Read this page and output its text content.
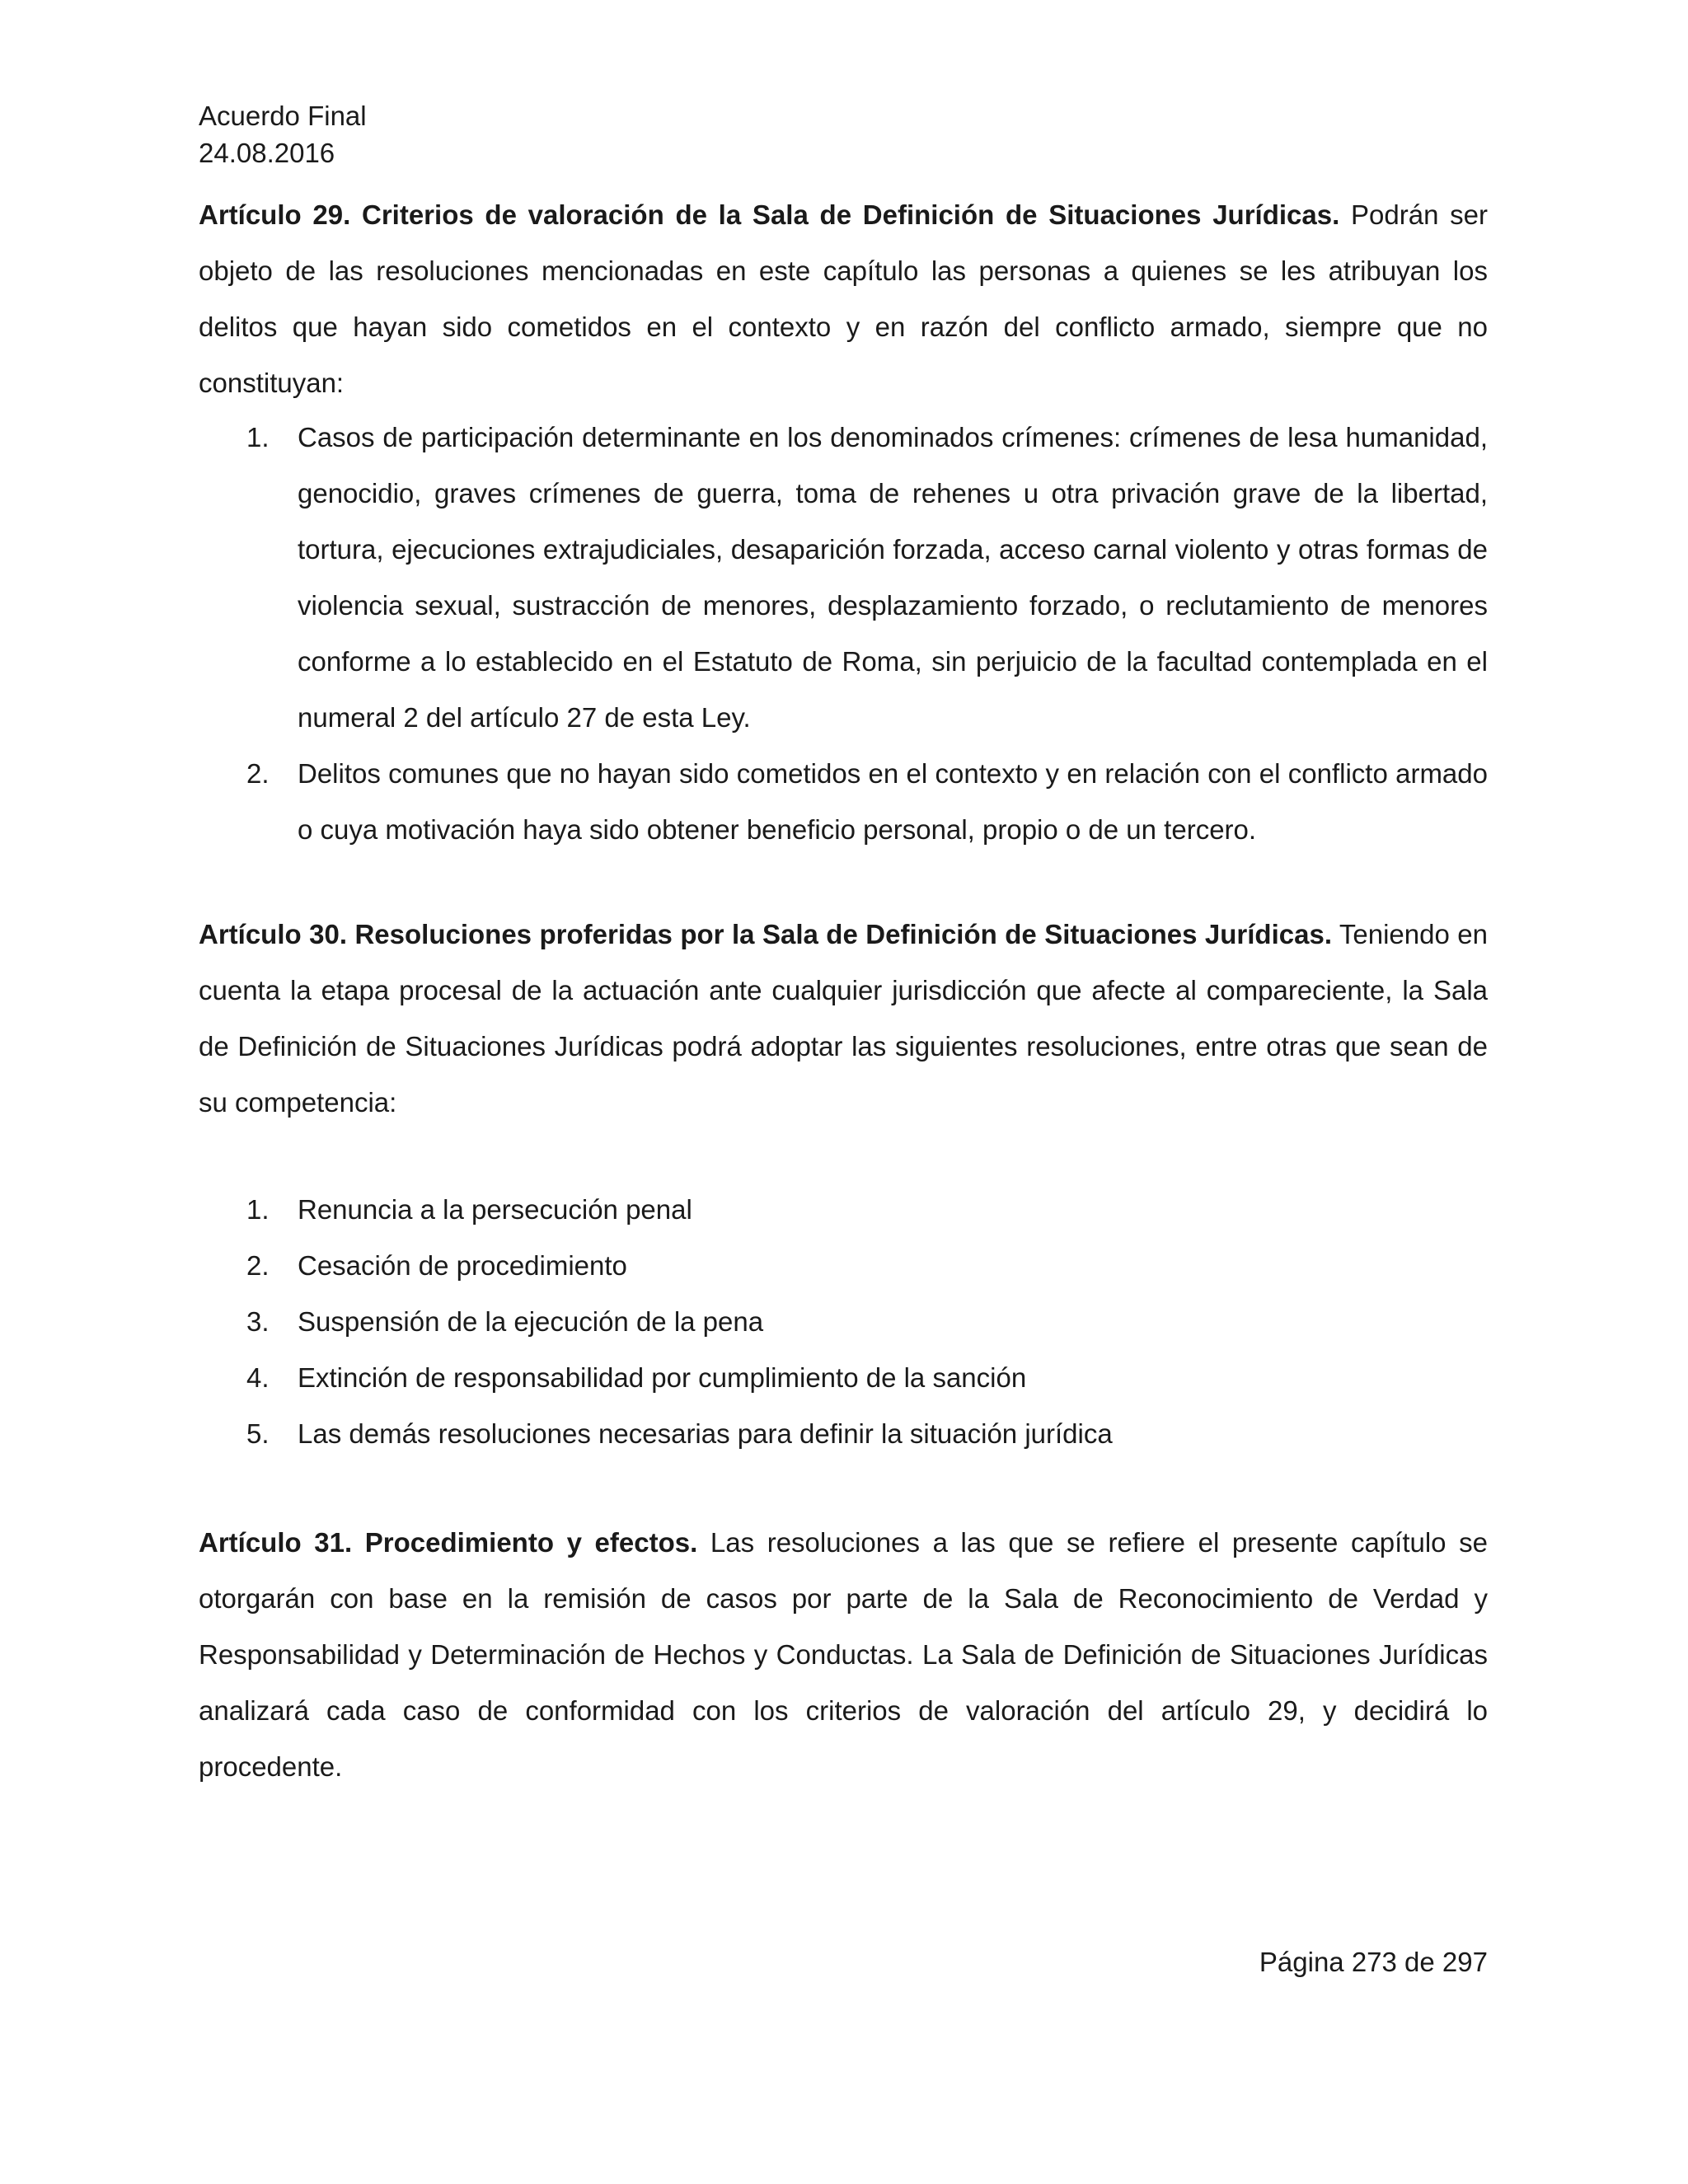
Acuerdo Final
24.08.2016
Artículo 29. Criterios de valoración de la Sala de Definición de Situaciones Jurídicas. Podrán ser objeto de las resoluciones mencionadas en este capítulo las personas a quienes se les atribuyan los delitos que hayan sido cometidos en el contexto y en razón del conflicto armado, siempre que no constituyan:
1. Casos de participación determinante en los denominados crímenes: crímenes de lesa humanidad, genocidio, graves crímenes de guerra, toma de rehenes u otra privación grave de la libertad, tortura, ejecuciones extrajudiciales, desaparición forzada, acceso carnal violento y otras formas de violencia sexual, sustracción de menores, desplazamiento forzado, o reclutamiento de menores conforme a lo establecido en el Estatuto de Roma, sin perjuicio de la facultad contemplada en el numeral 2 del artículo 27 de esta Ley.
2. Delitos comunes que no hayan sido cometidos en el contexto y en relación con el conflicto armado o cuya motivación haya sido obtener beneficio personal, propio o de un tercero.
Artículo 30. Resoluciones proferidas por la Sala de Definición de Situaciones Jurídicas. Teniendo en cuenta la etapa procesal de la actuación ante cualquier jurisdicción que afecte al compareciente, la Sala de Definición de Situaciones Jurídicas podrá adoptar las siguientes resoluciones, entre otras que sean de su competencia:
1. Renuncia a la persecución penal
2. Cesación de procedimiento
3. Suspensión de la ejecución de la pena
4. Extinción de responsabilidad por cumplimiento de la sanción
5. Las demás resoluciones necesarias para definir la situación jurídica
Artículo 31. Procedimiento y efectos. Las resoluciones a las que se refiere el presente capítulo se otorgarán con base en la remisión de casos por parte de la Sala de Reconocimiento de Verdad y Responsabilidad y Determinación de Hechos y Conductas. La Sala de Definición de Situaciones Jurídicas analizará cada caso de conformidad con los criterios de valoración del artículo 29, y decidirá lo procedente.
Página 273 de 297
